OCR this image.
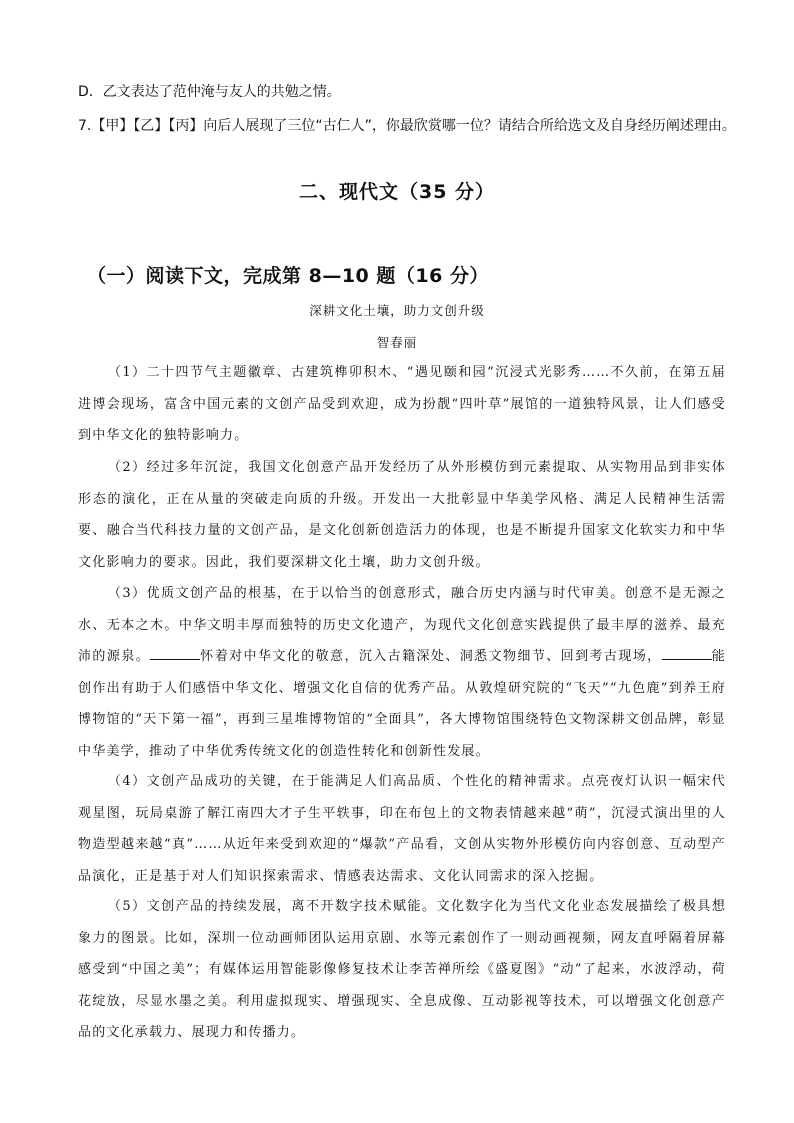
D．乙文表达了范仲淹与友人的共勉之情。
7.【甲】【乙】【丙】向后人展现了三位“古仁人”，你最欣赏哪一位？请结合所给选文及自身经历阐述理由。
二、现代文（35 分）
（一）阅读下文，完成第 8—10 题（16 分）
深耕文化土壤，助力文创升级
智春丽
（1）二十四节气主题徽章、古建筑榫卯积木、“遇见颐和园”沉浸式光影秀……不久前，在第五届进博会现场，富含中国元素的文创产品受到欢迎，成为扮靓“四叶草”展馆的一道独特风景，让人们感受到中华文化的独特影响力。
（2）经过多年沉淀，我国文化创意产品开发经历了从外形模仿到元素提取、从实物用品到非实体形态的演化，正在从量的突破走向质的升级。开发出一大批彰显中华美学风格、满足人民精神生活需要、融合当代科技力量的文创产品，是文化创新创造活力的体现，也是不断提升国家文化软实力和中华文化影响力的要求。因此，我们要深耕文化土壤，助力文创升级。
（3）优质文创产品的根基，在于以恰当的创意形式，融合历史内涵与时代审美。创意不是无源之水、无本之木。中华文明丰厚而独特的历史文化遗产，为现代文化创意实践提供了最丰厚的滋养、最充沛的源泉。	怀着对中华文化的敬意，沉入古籍深处、洞悉文物细节、回到考古现场，	能创作出有助于人们感悟中华文化、增强文化自信的优秀产品。从敦煌研究院的“飞天”“九色鹿”到养王府博物馆的“天下第一福”，再到三星堆博物馆的“全面具”，各大博物馆围绕特色文物深耕文创品牌，彰显中华美学，推动了中华优秀传统文化的创造性转化和创新性发展。
（4）文创产品成功的关键，在于能满足人们高品质、个性化的精神需求。点亮夜灯认识一幅宋代观星图，玩局桌游了解江南四大才子生平轶事，印在布包上的文物表情越来越“萌”，沉浸式演出里的人物造型越来越“真”……从近年来受到欢迎的“爆款”产品看，文创从实物外形模仿向内容创意、互动型产品演化，正是基于对人们知识探索需求、情感表达需求、文化认同需求的深入挖掘。
（5）文创产品的持续发展，离不开数字技术赋能。文化数字化为当代文化业态发展描绘了极具想象力的图景。比如，深圳一位动画师团队运用京剧、水等元素创作了一则动画视频，网友直呼隔着屏幕感受到“中国之美”；有媒体运用智能影像修复技术让李苦禅所绘《盛夏图》“动”了起来，水波浮动，荷花绽放，尽显水墨之美。利用虚拟现实、增强现实、全息成像、互动影视等技术，可以增强文化创意产品的文化承载力、展现力和传播力。
